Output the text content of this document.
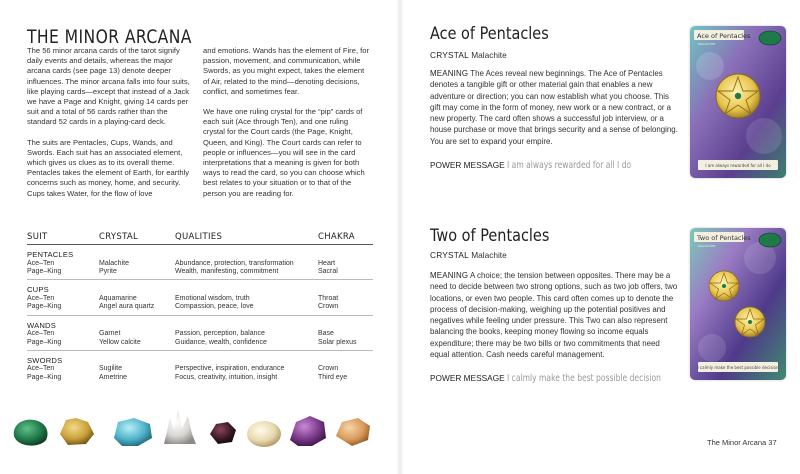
THE MINOR ARCANA

The 56 minor arcana cards of the tarot signify daily events and details, whereas the major arcana cards (see page 13) denote deeper influences. The minor arcana falls into four suits, like playing cards—except that instead of a Jack we have a Page and Knight, giving 14 cards per suit and a total of 56 cards rather than the standard 52 cards in a playing-card deck.

The suits are Pentacles, Cups, Wands, and Swords. Each suit has an associated element, which gives us clues as to its overall theme. Pentacles takes the element of Earth, for earthly concerns such as money, home, and security. Cups takes Water, for the flow of love

and emotions. Wands has the element of Fire, for passion, movement, and communication, while Swords, as you might expect, takes the element of Air, related to the mind—denoting decisions, conflict, and sometimes fear.

We have one ruling crystal for the “pip” cards of each suit (Ace through Ten), and one ruling crystal for the Court cards (the Page, Knight, Queen, and King). The Court cards can refer to people or influences—you will see in the card interpretations that a meaning is given for both ways to read the card, so you can choose which best relates to your situation or to that of the person you are reading for.

SUIT	CRYSTAL	QUALITIES	CHAKRA
PENTACLES			
Ace–Ten	Malachite	Abundance, protection, transformation	Heart
Page–King	Pyrite	Wealth, manifesting, commitment	Sacral

CUPS			
Ace–Ten	Aquamarine	Emotional wisdom, truth	Throat
Page–King	Angel aura quartz	Compassion, peace, love	Crown

WANDS			
Ace–Ten	Garnet	Passion, perception, balance	Base
Page–King	Yellow calcite	Guidance, wealth, confidence	Solar plexus

SWORDS			
Ace–Ten	Sugilite	Perspective, inspiration, endurance	Crown
Page–King	Ametrine	Focus, creativity, intuition, insight	Third eye
Ace of Pentacles
CRYSTAL Malachite
MEANING The Aces reveal new beginnings. The Ace of Pentacles denotes a tangible gift or other material gain that enables a new adventure or direction; you can now establish what you choose. This gift may come in the form of money, new work or a new contract, or a new property. The card often shows a successful job interview, or a house purchase or move that brings security and a sense of belonging. You are set to expand your empire.
POWER MESSAGE I am always rewarded for all I do
Ace of Pentacles
MALACHITE
I am always rewarded for all I do
Two of Pentacles
CRYSTAL Malachite
MEANING A choice; the tension between opposites. There may be a need to decide between two strong options, such as two job offers, two locations, or even two people. This card often comes up to denote the process of decision-making, weighing up the potential positives and negatives while feeling under pressure. This Two can also represent balancing the books, keeping money flowing so income equals expenditure; there may be two bills or two commitments that need equal attention. Cash needs careful management.
POWER MESSAGE I calmly make the best possible decision
Two of Pentacles
MALACHITE
I calmly make the best possible decision
The Minor Arcana 37
